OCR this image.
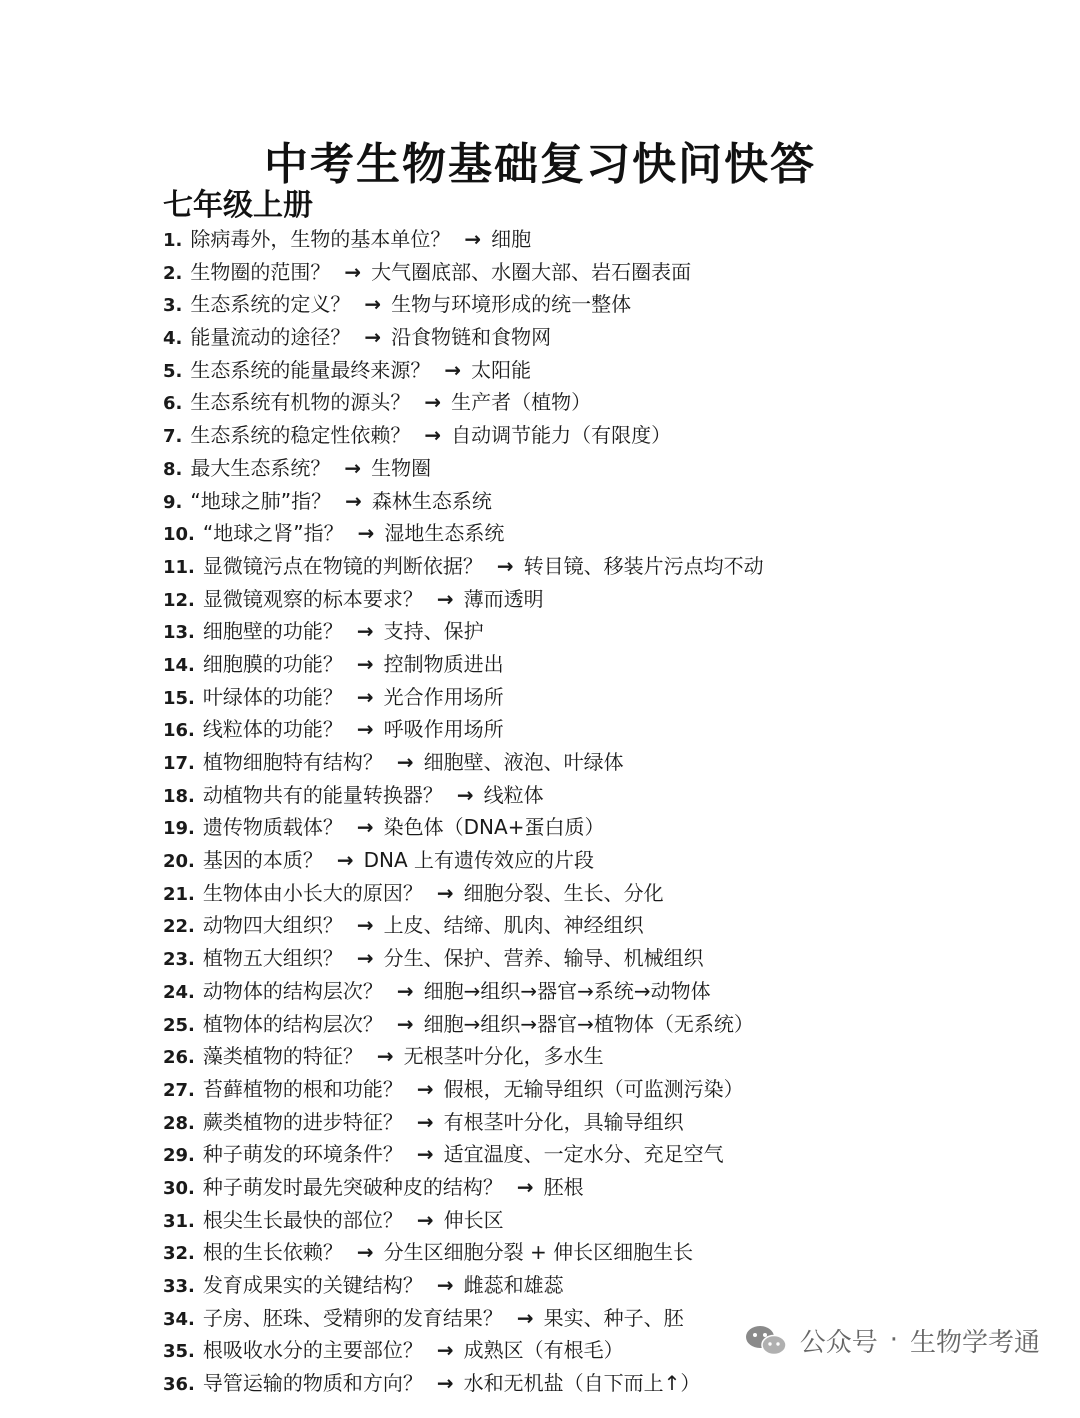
中考生物基础复习快问快答
七年级上册
1. 除病毒外，生物的基本单位？ → 细胞
2. 生物圈的范围？ → 大气圈底部、水圈大部、岩石圈表面
3. 生态系统的定义？ → 生物与环境形成的统一整体
4. 能量流动的途径？ → 沿食物链和食物网
5. 生态系统的能量最终来源？ → 太阳能
6. 生态系统有机物的源头？ → 生产者（植物）
7. 生态系统的稳定性依赖？ → 自动调节能力（有限度）
8. 最大生态系统？ → 生物圈
9. “地球之肺”指？ → 森林生态系统
10. “地球之肾”指？ → 湿地生态系统
11. 显微镜污点在物镜的判断依据？ → 转目镜、移装片污点均不动
12. 显微镜观察的标本要求？ → 薄而透明
13. 细胞壁的功能？ → 支持、保护
14. 细胞膜的功能？ → 控制物质进出
15. 叶绿体的功能？ → 光合作用场所
16. 线粒体的功能？ → 呼吸作用场所
17. 植物细胞特有结构？ → 细胞壁、液泡、叶绿体
18. 动植物共有的能量转换器？ → 线粒体
19. 遗传物质载体？ → 染色体（DNA+蛋白质）
20. 基因的本质？ → DNA 上有遗传效应的片段
21. 生物体由小长大的原因？ → 细胞分裂、生长、分化
22. 动物四大组织？ → 上皮、结缔、肌肉、神经组织
23. 植物五大组织？ → 分生、保护、营养、输导、机械组织
24. 动物体的结构层次？ → 细胞→组织→器官→系统→动物体
25. 植物体的结构层次？ → 细胞→组织→器官→植物体（无系统）
26. 藻类植物的特征？ → 无根茎叶分化，多水生
27. 苔藓植物的根和功能？ → 假根，无输导组织（可监测污染）
28. 蕨类植物的进步特征？ → 有根茎叶分化，具输导组织
29. 种子萌发的环境条件？ → 适宜温度、一定水分、充足空气
30. 种子萌发时最先突破种皮的结构？ → 胚根
31. 根尖生长最快的部位？ → 伸长区
32. 根的生长依赖？ → 分生区细胞分裂 + 伸长区细胞生长
33. 发育成果实的关键结构？ → 雌蕊和雄蕊
34. 子房、胚珠、受精卵的发育结果？ → 果实、种子、胚
35. 根吸收水分的主要部位？ → 成熟区（有根毛）
36. 导管运输的物质和方向？ → 水和无机盐（自下而上↑）
公众号 · 生物学考通
